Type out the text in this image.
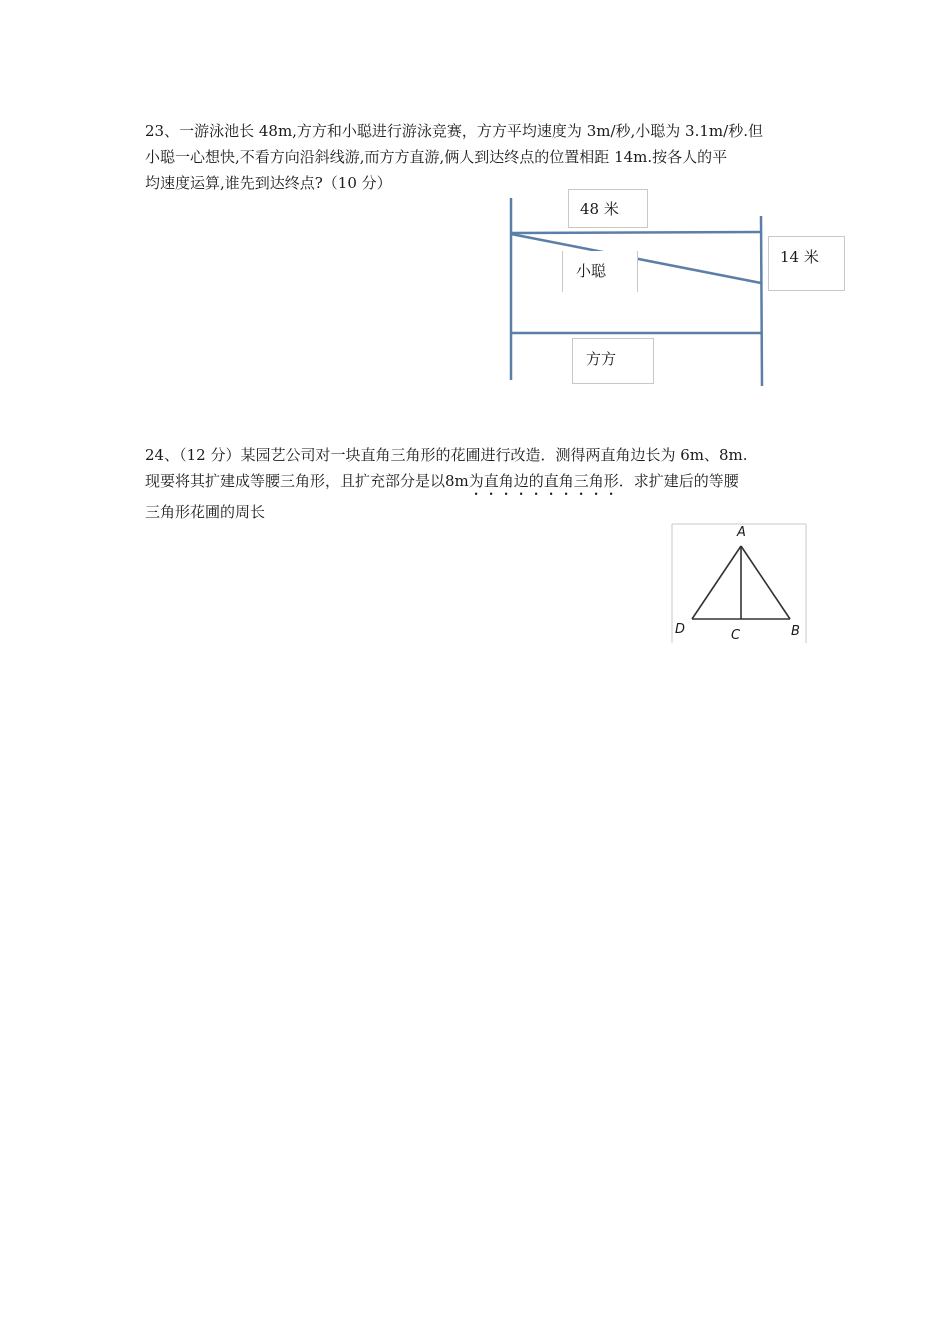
23、一游泳池长 48m,方方和小聪进行游泳竞赛，方方平均速度为 3m/秒,小聪为 3.1m/秒.但
小聪一心想快,不看方向沿斜线游,而方方直游,俩人到达终点的位置相距 14m.按各人的平
均速度运算,谁先到达终点?（10 分）
48 米
14 米
小聪
方方
24、（12 分）某园艺公司对一块直角三角形的花圃进行改造．测得两直角边长为 6m、8m.
现要将其扩建成等腰三角形，且扩充部分是以8m为直角边的直角三角形．求扩建后的等腰
三角形花圃的周长
A
D	C	B
